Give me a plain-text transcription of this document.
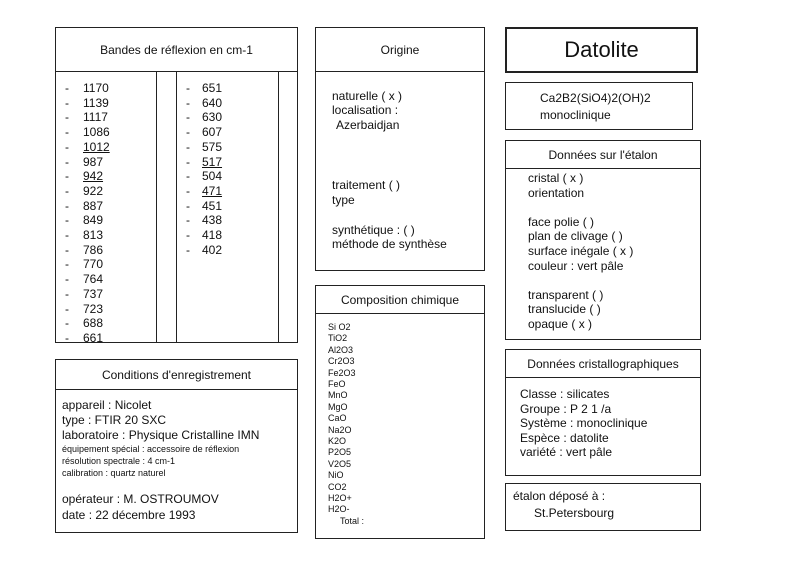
Bandes de réflexion en cm-1
- 1170
- 1139
- 1117
- 1086
- 1012
- 987
- 942
- 922
- 887
- 849
- 813
- 786
- 770
- 764
- 737
- 723
- 688
- 661
- 651
- 640
- 630
- 607
- 575
- 517
- 504
- 471
- 451
- 438
- 418
- 402
Origine
naturelle ( x )
localisation :
Azerbaidjan
traitement ( )
type
synthétique : ( )
méthode de synthèse
Datolite
Ca2B2(SiO4)2(OH)2
monoclinique
Données sur l'étalon
cristal ( x )
orientation
face polie ( )
plan de clivage ( )
surface inégale ( x )
couleur : vert pâle
transparent ( )
translucide ( )
opaque ( x )
Composition chimique
Si O2
TiO2
Al2O3
Cr2O3
Fe2O3
FeO
MnO
MgO
CaO
Na2O
K2O
P2O5
V2O5
NiO
CO2
H2O+
H2O-
Total :
Conditions d'enregistrement
appareil : Nicolet
type : FTIR 20 SXC
laboratoire : Physique Cristalline IMN
équipement spécial : accessoire de réflexion
résolution spectrale : 4 cm-1
calibration : quartz naturel
opérateur : M. OSTROUMOV
date : 22 décembre 1993
Données cristallographiques
Classe : silicates
Groupe : P 2 1 /a
Système : monoclinique
Espèce : datolite
variété : vert pâle
étalon déposé à :
St.Petersbourg
